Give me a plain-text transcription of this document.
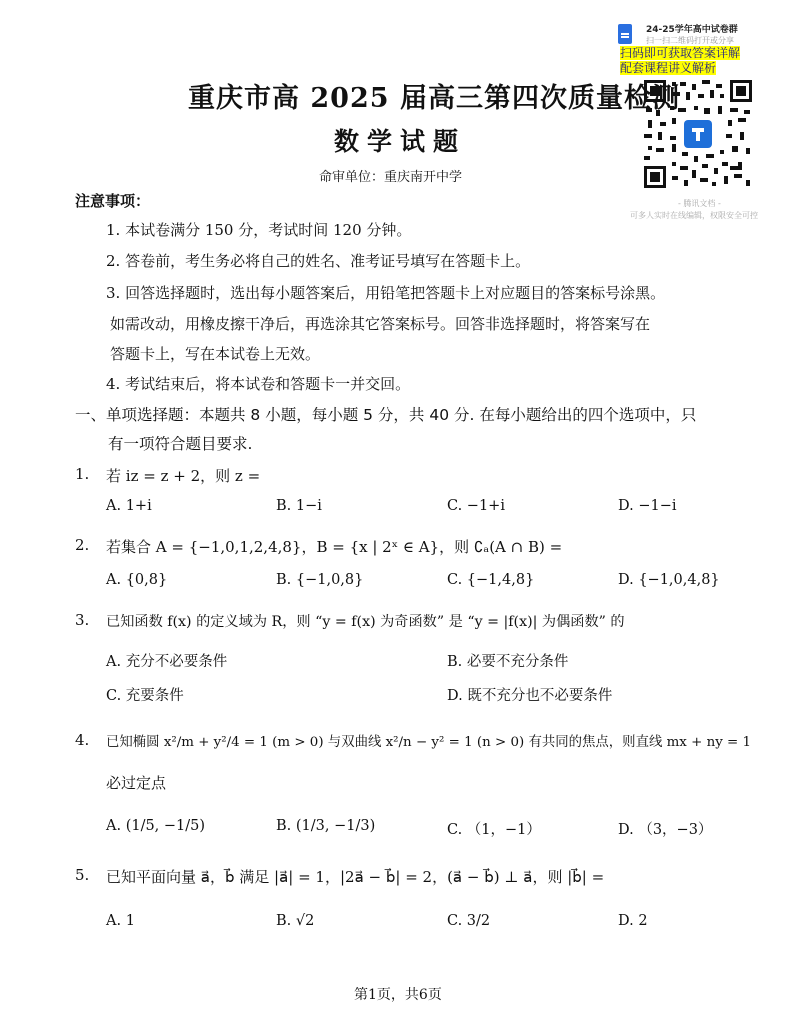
24-25学年高中试卷群
扫一扫二维码打开或分享
扫码即可获取答案详解
配套课程讲义解析
- 腾讯文档 -
可多人实时在线编辑，权限安全可控
重庆市高 2025 届高三第四次质量检测
数学试题
命审单位：重庆南开中学
注意事项：
1. 本试卷满分 150 分，考试时间 120 分钟。
2. 答卷前，考生务必将自己的姓名、准考证号填写在答题卡上。
3. 回答选择题时，选出每小题答案后，用铅笔把答题卡上对应题目的答案标号涂黑。
如需改动，用橡皮擦干净后，再选涂其它答案标号。回答非选择题时，将答案写在
答题卡上，写在本试卷上无效。
4. 考试结束后，将本试卷和答题卡一并交回。
一、单项选择题：本题共 8 小题，每小题 5 分，共 40 分. 在每小题给出的四个选项中，只
有一项符合题目要求.
1. 若 iz = z + 2，则 z =
A. 1+i	B. 1−i	C. −1+i	D. −1−i
2. 若集合 A = {−1,0,1,2,4,8}，B = {x | 2ˣ ∈ A}，则 ∁ₐ(A ∩ B) =
A. {0,8}	B. {−1,0,8}	C. {−1,4,8}	D. {−1,0,4,8}
3. 已知函数 f(x) 的定义域为 R，则 “y = f(x) 为奇函数” 是 “y = |f(x)| 为偶函数” 的
A. 充分不必要条件	B. 必要不充分条件
C. 充要条件	D. 既不充分也不必要条件
4. 已知椭圆 x²/m + y²/4 = 1 (m > 0) 与双曲线 x²/n − y² = 1 (n > 0) 有共同的焦点，则直线 mx + ny = 1
必过定点
A. (1/5, −1/5)	B. (1/3, −1/3)	C. （1，−1）	D. （3，−3）
5. 已知平面向量 a⃗，b⃗ 满足 |a⃗| = 1，|2a⃗ − b⃗| = 2，(a⃗ − b⃗) ⊥ a⃗，则 |b⃗| =
A. 1	B. √2	C. 3/2	D. 2
第1页，共6页
